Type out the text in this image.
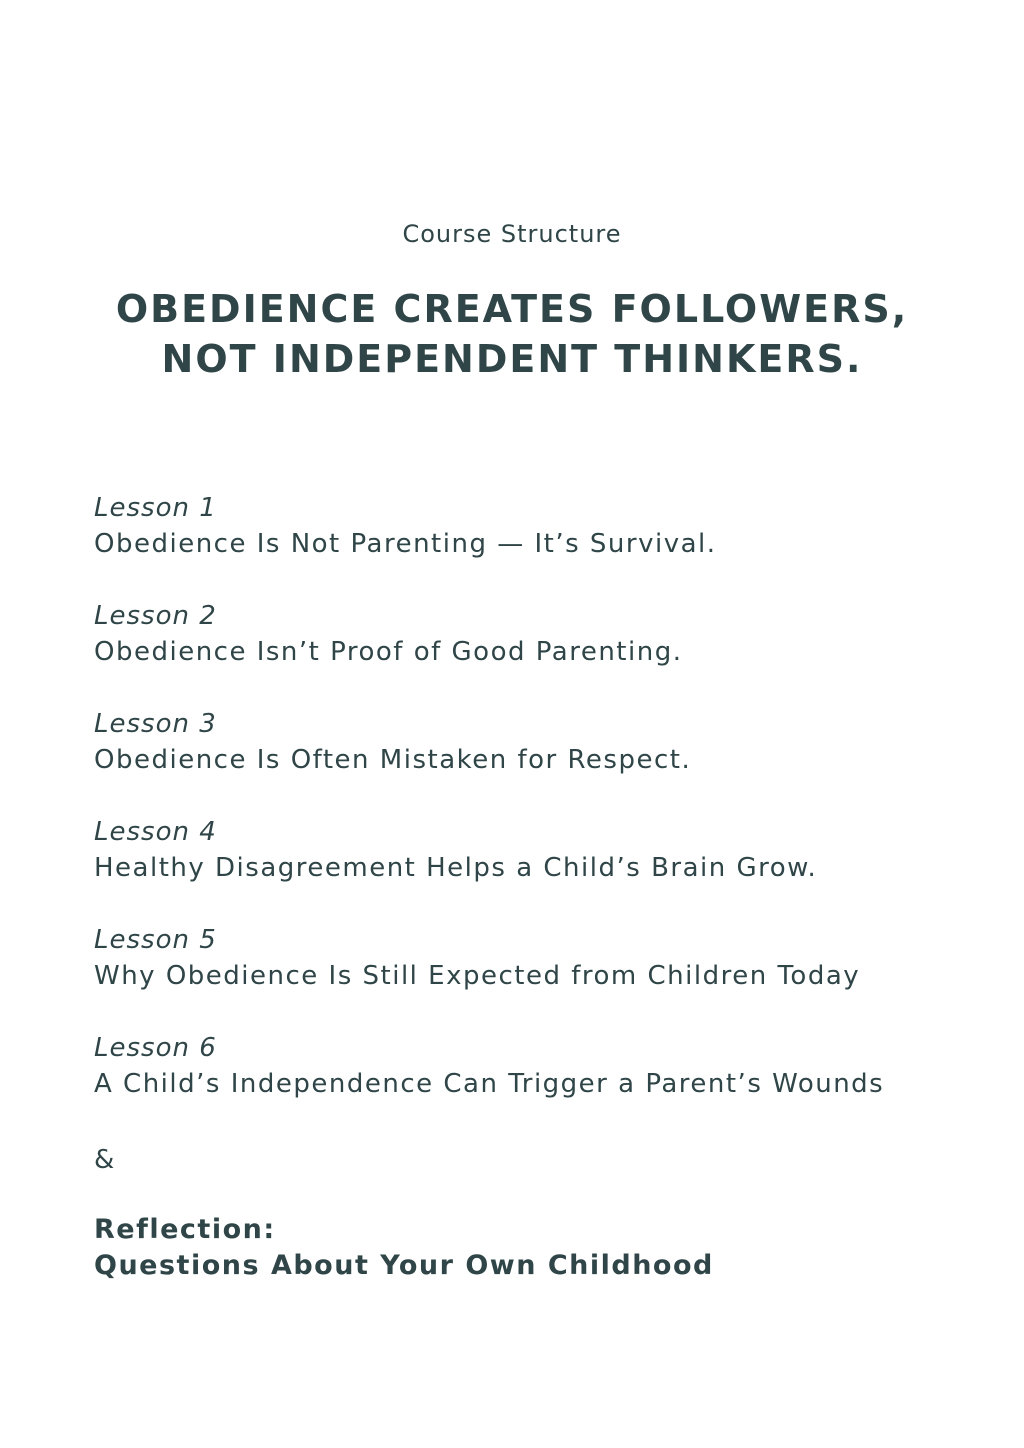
Course Structure
OBEDIENCE CREATES FOLLOWERS,
NOT INDEPENDENT THINKERS.
Lesson 1
Obedience Is Not Parenting — It’s Survival.
Lesson 2
Obedience Isn’t Proof of Good Parenting.
Lesson 3
Obedience Is Often Mistaken for Respect.
Lesson 4
Healthy Disagreement Helps a Child’s Brain Grow.
Lesson 5
Why Obedience Is Still Expected from Children Today
Lesson 6
A Child’s Independence Can Trigger a Parent’s Wounds
&
Reflection:
Questions About Your Own Childhood
